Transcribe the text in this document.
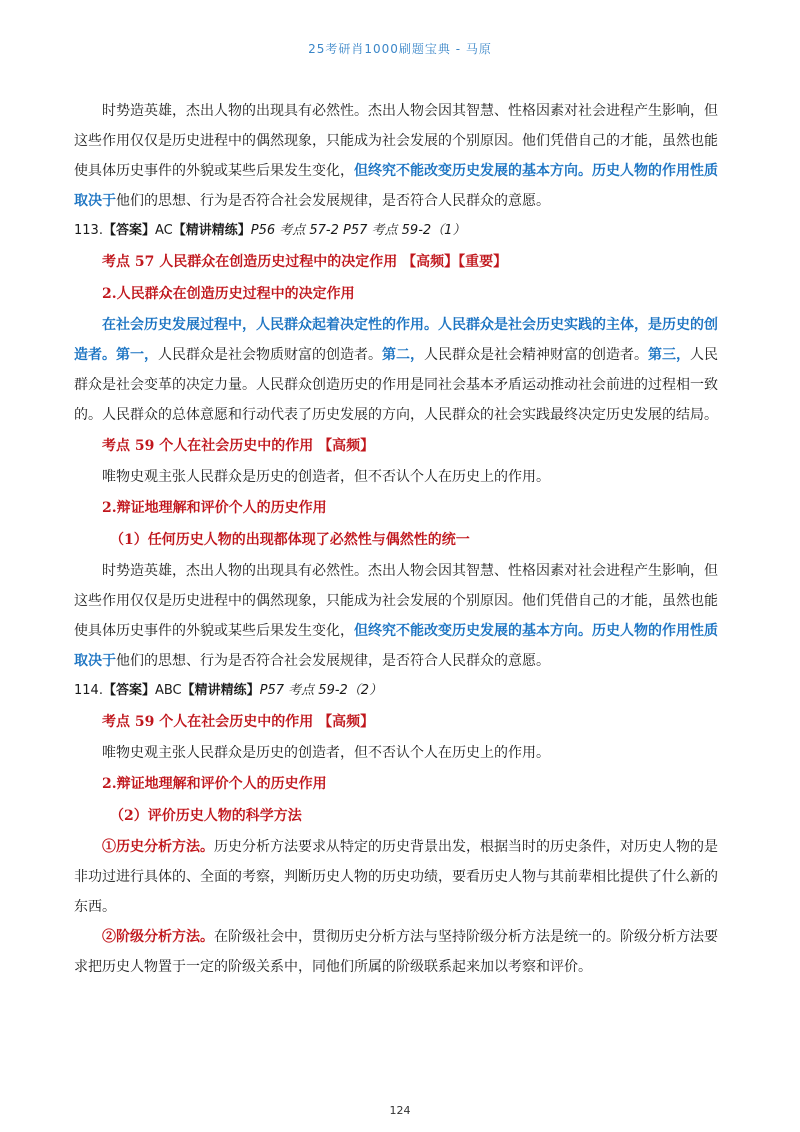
25考研肖1000刷题宝典 - 马原

时势造英雄，杰出人物的出现具有必然性。杰出人物会因其智慧、性格因素对社会进程产生影响，但这些作用仅仅是历史进程中的偶然现象，只能成为社会发展的个别原因。他们凭借自己的才能，虽然也能使具体历史事件的外貌或某些后果发生变化，但终究不能改变历史发展的基本方向。历史人物的作用性质取决于他们的思想、行为是否符合社会发展规律，是否符合人民群众的意愿。

113.【答案】AC【精讲精练】P56 考点 57-2 P57 考点 59-2（1）

考点 57 人民群众在创造历史过程中的决定作用 【高频】【重要】

2.人民群众在创造历史过程中的决定作用

在社会历史发展过程中，人民群众起着决定性的作用。人民群众是社会历史实践的主体，是历史的创造者。第一，人民群众是社会物质财富的创造者。第二，人民群众是社会精神财富的创造者。第三，人民群众是社会变革的决定力量。人民群众创造历史的作用是同社会基本矛盾运动推动社会前进的过程相一致的。人民群众的总体意愿和行动代表了历史发展的方向，人民群众的社会实践最终决定历史发展的结局。

考点 59 个人在社会历史中的作用 【高频】

唯物史观主张人民群众是历史的创造者，但不否认个人在历史上的作用。

2.辩证地理解和评价个人的历史作用

（1）任何历史人物的出现都体现了必然性与偶然性的统一

时势造英雄，杰出人物的出现具有必然性。杰出人物会因其智慧、性格因素对社会进程产生影响，但这些作用仅仅是历史进程中的偶然现象，只能成为社会发展的个别原因。他们凭借自己的才能，虽然也能使具体历史事件的外貌或某些后果发生变化，但终究不能改变历史发展的基本方向。历史人物的作用性质取决于他们的思想、行为是否符合社会发展规律，是否符合人民群众的意愿。

114.【答案】ABC【精讲精练】P57 考点 59-2（2）

考点 59 个人在社会历史中的作用 【高频】

唯物史观主张人民群众是历史的创造者，但不否认个人在历史上的作用。

2.辩证地理解和评价个人的历史作用

（2）评价历史人物的科学方法

①历史分析方法。历史分析方法要求从特定的历史背景出发，根据当时的历史条件，对历史人物的是非功过进行具体的、全面的考察，判断历史人物的历史功绩，要看历史人物与其前辈相比提供了什么新的东西。

②阶级分析方法。在阶级社会中，贯彻历史分析方法与坚持阶级分析方法是统一的。阶级分析方法要求把历史人物置于一定的阶级关系中，同他们所属的阶级联系起来加以考察和评价。

124
